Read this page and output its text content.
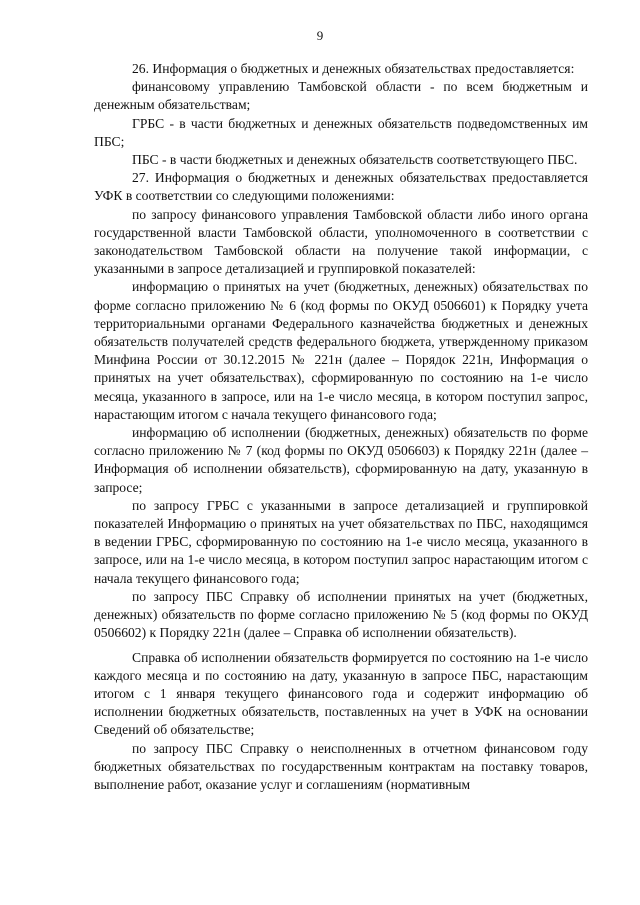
9

26. Информация о бюджетных и денежных обязательствах предоставляется:

финансовому управлению Тамбовской области - по всем бюджетным и денежным обязательствам;

ГРБС - в части бюджетных и денежных обязательств подведомственных им ПБС;

ПБС - в части бюджетных и денежных обязательств соответствующего ПБС.

27. Информация о бюджетных и денежных обязательствах предоставляется УФК в соответствии со следующими положениями:

по запросу финансового управления Тамбовской области либо иного органа государственной власти Тамбовской области, уполномоченного в соответствии с законодательством Тамбовской области на получение такой информации, с указанными в запросе детализацией и группировкой показателей:

информацию о принятых на учет (бюджетных, денежных) обязательствах по форме согласно приложению № 6 (код формы по ОКУД 0506601) к Порядку учета территориальными органами Федерального казначейства бюджетных и денежных обязательств получателей средств федерального бюджета, утвержденному приказом Минфина России от 30.12.2015 № 221н (далее – Порядок 221н, Информация о принятых на учет обязательствах), сформированную по состоянию на 1-е число месяца, указанного в запросе, или на 1-е число месяца, в котором поступил запрос, нарастающим итогом с начала текущего финансового года;

информацию об исполнении (бюджетных, денежных) обязательств по форме согласно приложению № 7 (код формы по ОКУД 0506603) к Порядку 221н (далее – Информация об исполнении обязательств), сформированную на дату, указанную в запросе;

по запросу ГРБС с указанными в запросе детализацией и группировкой показателей Информацию о принятых на учет обязательствах по ПБС, находящимся в ведении ГРБС, сформированную по состоянию на 1-е число месяца, указанного в запросе, или на 1-е число месяца, в котором поступил запрос нарастающим итогом с начала текущего финансового года;

по запросу ПБС Справку об исполнении принятых на учет (бюджетных, денежных) обязательств по форме согласно приложению № 5 (код формы по ОКУД 0506602) к Порядку 221н (далее – Справка об исполнении обязательств).

Справка об исполнении обязательств формируется по состоянию на 1-е число каждого месяца и по состоянию на дату, указанную в запросе ПБС, нарастающим итогом с 1 января текущего финансового года и содержит информацию об исполнении бюджетных обязательств, поставленных на учет в УФК на основании Сведений об обязательстве;

по запросу ПБС Справку о неисполненных в отчетном финансовом году бюджетных обязательствах по государственным контрактам на поставку товаров, выполнение работ, оказание услуг и соглашениям (нормативным
